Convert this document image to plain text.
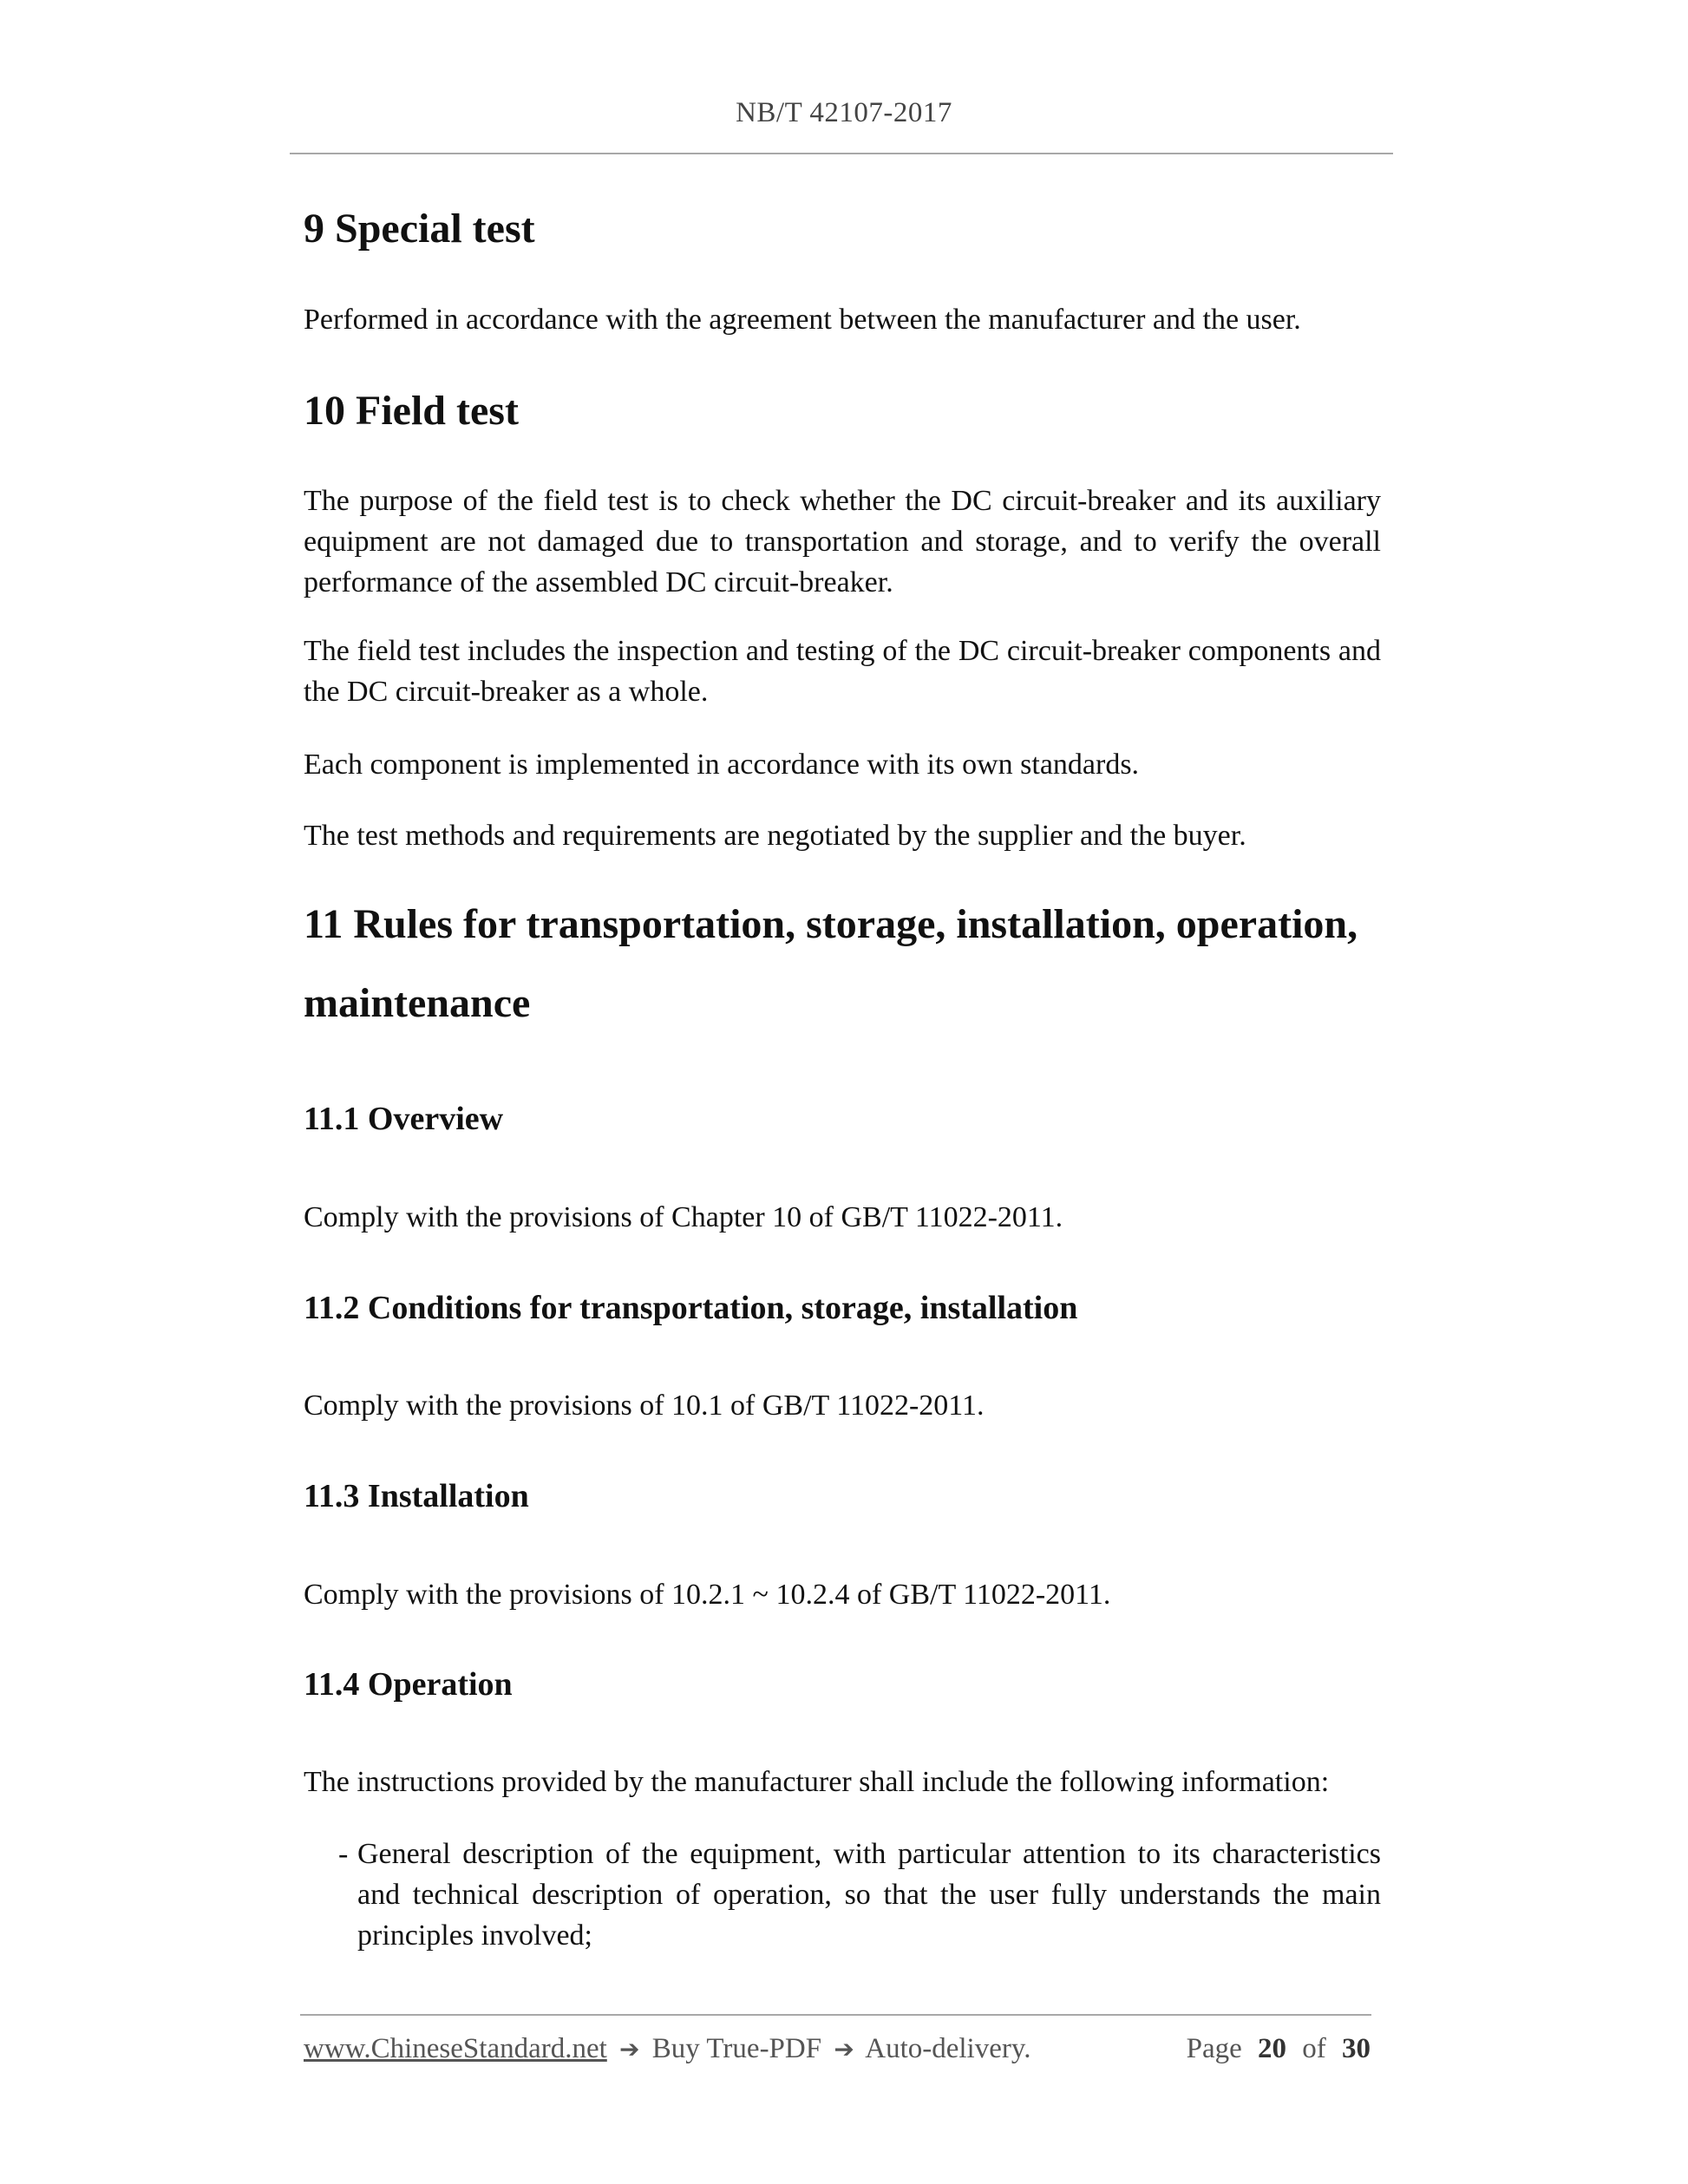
NB/T 42107-2017
9 Special test

Performed in accordance with the agreement between the manufacturer and the user.

10 Field test

The purpose of the field test is to check whether the DC circuit-breaker and its auxiliary equipment are not damaged due to transportation and storage, and to verify the overall performance of the assembled DC circuit-breaker.

The field test includes the inspection and testing of the DC circuit-breaker components and the DC circuit-breaker as a whole.

Each component is implemented in accordance with its own standards.

The test methods and requirements are negotiated by the supplier and the buyer.

11 Rules for transportation, storage, installation, operation,
maintenance
11.1 Overview

Comply with the provisions of Chapter 10 of GB/T 11022-2011.

11.2 Conditions for transportation, storage, installation

Comply with the provisions of 10.1 of GB/T 11022-2011.

11.3 Installation

Comply with the provisions of 10.2.1 ~ 10.2.4 of GB/T 11022-2011.

11.4 Operation

The instructions provided by the manufacturer shall include the following information:

- General description of the equipment, with particular attention to its characteristics and technical description of operation, so that the user fully understands the main principles involved;
www.ChineseStandard.net ➔ Buy True-PDF ➔ Auto-delivery.	Page 20 of 30
